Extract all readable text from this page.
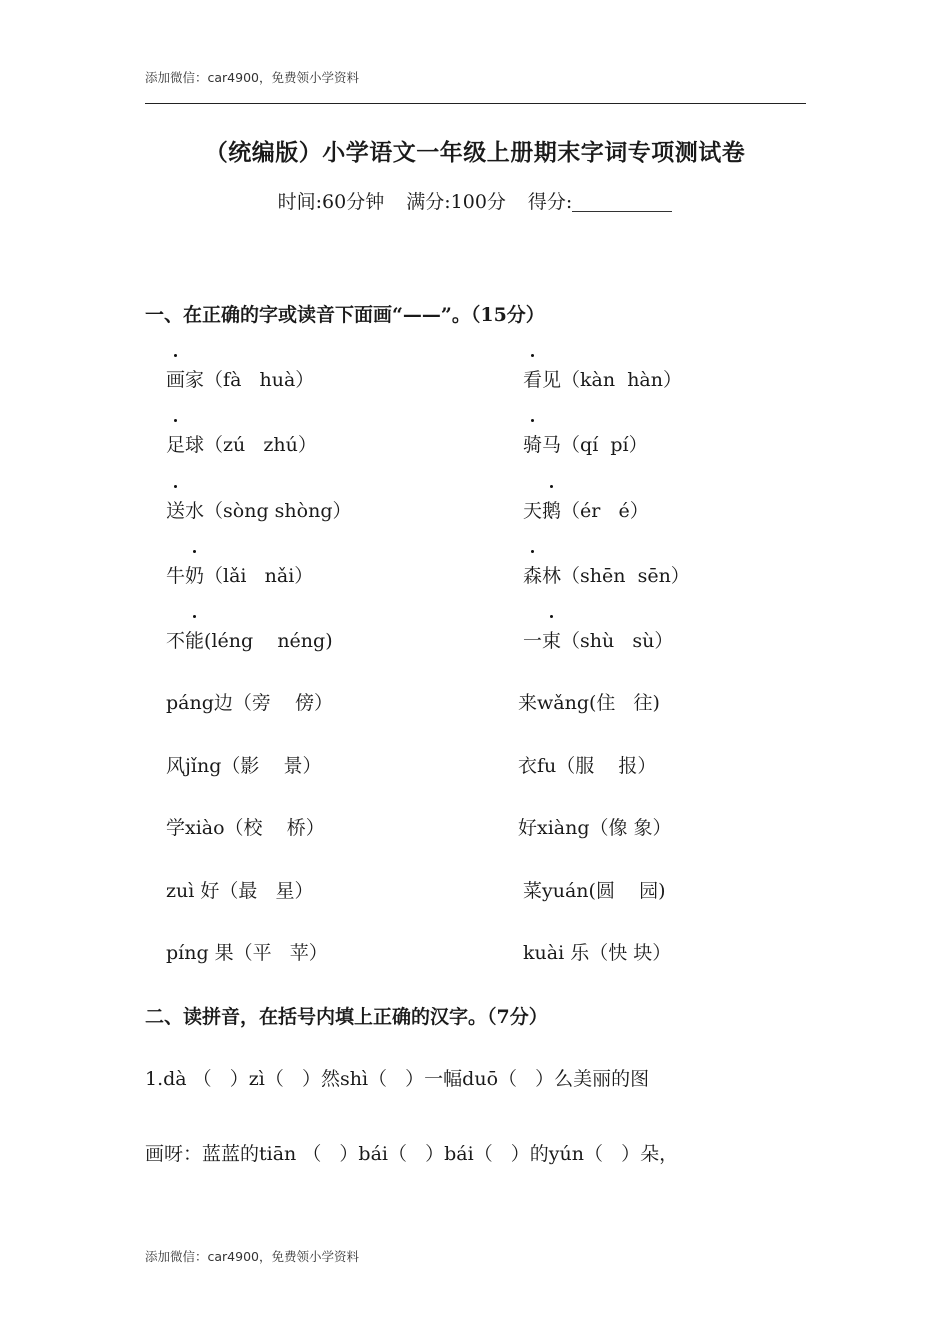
添加微信：car4900，免费领小学资料
（统编版）小学语文一年级上册期末字词专项测试卷
时间:60分钟 满分:100分 得分:
一、在正确的字或读音下面画“——”。（15分）
画家（fà   huà）
足球（zú   zhú）
送水（sòng shòng）
牛奶（lǎi   nǎi）
不能(léng    néng)
páng边（旁    傍）
风jǐng（影    景）
学xiào（校    桥）
zuì 好（最   星）
píng 果（平   苹）
看见（kàn  hàn）
骑马（qí  pí）
天鹅（ér   é）
森林（shēn  sēn）
一束（shù   sù）
来wǎng(住   往)
衣fu（服    报）
好xiàng（像 象）
菜yuán(圆    园)
kuài 乐（快 块）
二、读拼音，在括号内填上正确的汉字。（7分）
1.dà （   ）zì（   ）然shì（   ）一幅duō（   ）么美丽的图
画呀：蓝蓝的tiān （   ）bái（   ）bái（   ）的yún（   ）朵，
添加微信：car4900，免费领小学资料
